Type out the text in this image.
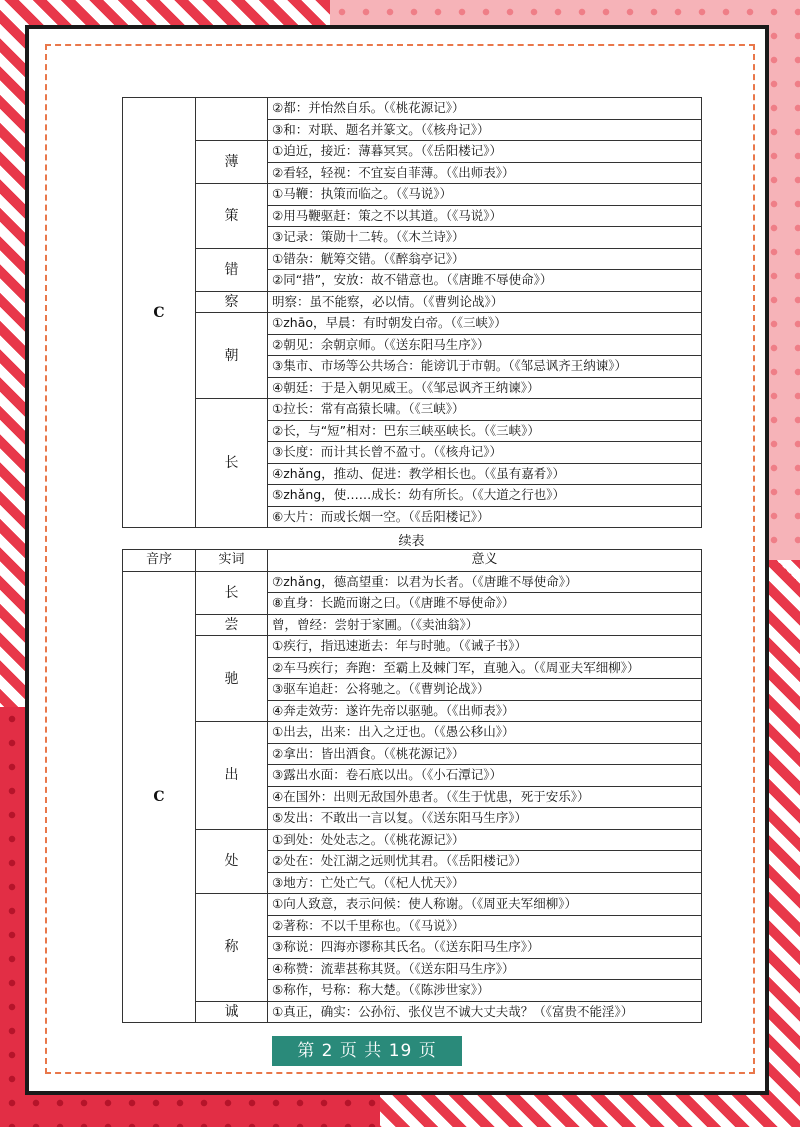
C		②都：并怡然自乐。（《桃花源记》）
		③和：对联、题名并篆文。（《核舟记》）
	薄	①迫近，接近：薄暮冥冥。（《岳阳楼记》）
		②看轻，轻视：不宜妄自菲薄。（《出师表》）
	策	①马鞭：执策而临之。（《马说》）
		②用马鞭驱赶：策之不以其道。（《马说》）
		③记录：策勋十二转。（《木兰诗》）
	错	①错杂：觥筹交错。（《醉翁亭记》）
		②同“措”，安放：故不错意也。（《唐雎不辱使命》）
	察	明察：虽不能察，必以情。（《曹刿论战》）
	朝	①zhāo，早晨：有时朝发白帝。（《三峡》）
		②朝见：余朝京师。（《送东阳马生序》）
		③集市、市场等公共场合：能谤讥于市朝。（《邹忌讽齐王纳谏》）
		④朝廷：于是入朝见威王。（《邹忌讽齐王纳谏》）
	长	①拉长：常有高猿长啸。（《三峡》）
		②长，与“短”相对：巴东三峡巫峡长。（《三峡》）
		③长度：而计其长曾不盈寸。（《核舟记》）
		④zhǎng，推动、促进：教学相长也。（《虽有嘉肴》）
		⑤zhǎng，使……成长：幼有所长。（《大道之行也》）
		⑥大片：而或长烟一空。（《岳阳楼记》）
续表
音序	实词	意义
C	长	⑦zhǎng，德高望重：以君为长者。（《唐雎不辱使命》）
		⑧直身：长跪而谢之曰。（《唐雎不辱使命》）
	尝	曾，曾经：尝射于家圃。（《卖油翁》）
	驰	①疾行，指迅速逝去：年与时驰。（《诫子书》）
		②车马疾行；奔跑：至霸上及棘门军，直驰入。（《周亚夫军细柳》）
		③驱车追赶：公将驰之。（《曹刿论战》）
		④奔走效劳：遂许先帝以驱驰。（《出师表》）
	出	①出去，出来：出入之迂也。（《愚公移山》）
		②拿出：皆出酒食。（《桃花源记》）
		③露出水面：卷石底以出。（《小石潭记》）
		④在国外：出则无敌国外患者。（《生于忧患，死于安乐》）
		⑤发出：不敢出一言以复。（《送东阳马生序》）
	处	①到处：处处志之。（《桃花源记》）
		②处在：处江湖之远则忧其君。（《岳阳楼记》）
		③地方：亡处亡气。（《杞人忧天》）
	称	①向人致意，表示问候：使人称谢。（《周亚夫军细柳》）
		②著称：不以千里称也。（《马说》）
		③称说：四海亦谬称其氏名。（《送东阳马生序》）
		④称赞：流辈甚称其贤。（《送东阳马生序》）
		⑤称作，号称：称大楚。（《陈涉世家》）
	诚	①真正，确实：公孙衍、张仪岂不诚大丈夫哉？（《富贵不能淫》）
第 2 页 共 19 页
